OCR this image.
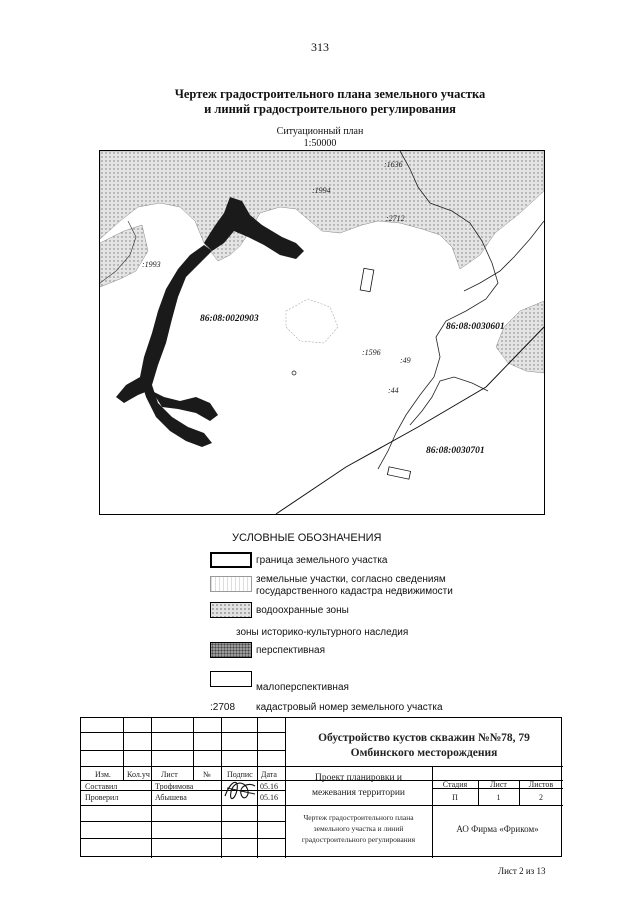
313
Чертеж градостроительного плана земельного участка
и линий градостроительного регулирования
Ситуационный план
1:50000
:1636
:1994
:2712
:1993
:1596
:49
:44
86:08:0020903
86:08:0030601
86:08:0030701
УСЛОВНЫЕ ОБОЗНАЧЕНИЯ
граница земельного участка
земельные участки, согласно сведениям
государственного кадастра недвижимости
водоохранные зоны
зоны историко-культурного наследия
перспективная
малоперспективная
:2708 кадастровый номер земельного участка
Изм. Кол.уч Лист	№ Подпис Дата
Составил	Трофимова	05.16
Проверил	Абышева	05.16
Обустройство кустов скважин №№78, 79
Омбинского месторождения
Проект планировки и
межевания территории
Стадия	Лист	Листов
П	1	2
Чертеж градостроительного плана
земельного участка и линий
градостроительного регулирования
АО Фирма «Фриком»
Лист 2 из 13
